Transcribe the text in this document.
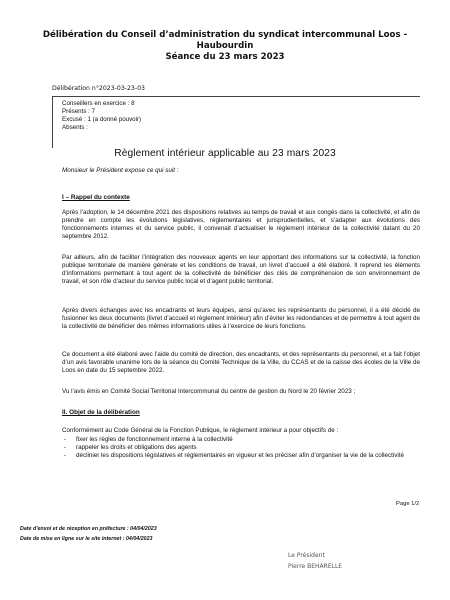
Délibération du Conseil d’administration du syndicat intercommunal Loos -
Haubourdin
Séance du 23 mars 2023
Délibération n°2023-03-23-03
Conseillers en exercice : 8
Présents : 7
Excusé : 1 (a donné pouvoir)
Absents :
Règlement intérieur applicable au 23 mars 2023
Monsieur le Président expose ce qui suit :
I – Rappel du contexte
Après l’adoption, le 14 décembre 2021 des dispositions relatives au temps de travail et aux congés dans la collectivité, et afin de prendre en compte les évolutions législatives, réglementaires et jurisprudentielles, et s’adapter aux évolutions des fonctionnements internes et du service public, il convenait d’actualiser le règlement intérieur de la collectivité datant du 20 septembre 2012.
Par ailleurs, afin de faciliter l’intégration des nouveaux agents en leur apportant des informations sur la collectivité, la fonction publique territoriale de manière générale et les conditions de travail, un livret d’accueil a été élaboré. Il reprend les éléments d’informations permettant à tout agent de la collectivité de bénéficier des clés de compréhension de son environnement de travail, et son rôle d’acteur du service public local et d’agent public territorial.
Après divers échanges avec les encadrants et leurs équipes, ainsi qu’avec les représentants du personnel, il a été décidé de fusionner les deux documents (livret d’accueil et règlement intérieur) afin d’éviter les redondances et de permettre à tout agent de la collectivité de bénéficier des mêmes informations utiles à l’exercice de leurs fonctions.
Ce document a été élaboré avec l’aide du comité de direction, des encadrants, et des représentants du personnel, et a fait l’objet d’un avis favorable unanime lors de la séance du Comité Technique de la Ville, du CCAS et de la caisse des écoles de la Ville de Loos en date du 15 septembre 2022.
Vu l’avis émis en Comité Social Territorial Intercommunal du centre de gestion du Nord le 20 février 2023 ;
II. Objet de la délibération
Conformément au Code Général de la Fonction Publique, le règlement intérieur a pour objectifs de :
- fixer les règles de fonctionnement interne à la collectivité
- rappeler les droits et obligations des agents
- déclinier les dispositions législatives et réglementaires en vigueur et les préciser afin d’organiser la vie de la collectivité
Page 1/2
Date d'envoi et de réception en préfecture : 04/04/2023
Date de mise en ligne sur le site internet : 04/04/2023
Le Président
Pierre BEHARELLE
